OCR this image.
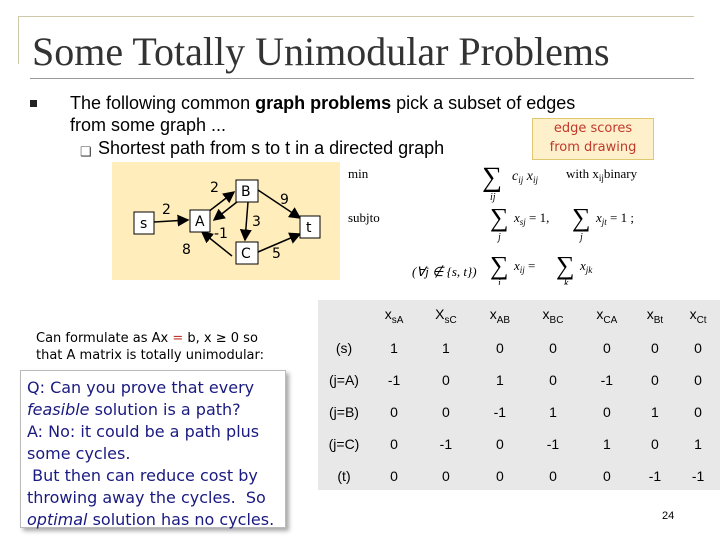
Some Totally Unimodular Problems
The following common graph problems pick a subset of edges
from some graph ...
❑ Shortest path from s to t in a directed graph
edge scores
from drawing
s	A
B
C
t
2
2
-1
9
3
8	5
min	∑
ij
$c_{ij}$ $x_{ij}$ with $x_{ij}binary$
subjto	∑
j
$x_{sj} = 1$, ∑
j
$x_{jt} = 1$ ;
(∀j ∉ {s, t}) ∑
i
$x_{ij}$ = ∑
k
$x_{jk}$
Can formulate as Ax = b, x ≥ 0 so
that A matrix is totally unimodular:
Q: Can you prove that every
feasible solution is a path?
A: No: it could be a path plus
some cycles.
But then can reduce cost by
throwing away the cycles.  So
optimal solution has no cycles.
	$x_{sA}$	$X_{sC}$	$x_{AB}$	$x_{BC}$	$x_{CA}$	$x_{Bt}$	$x_{Ct}$
(s)	1	1	0	0	0	0	0
(j=A)	-1	0	1	0	-1	0	0
(j=B)	0	0	-1	1	0	1	0
(j=C)	0	-1	0	-1	1	0	1
(t)	0	0	0	0	0	-1	-1
24
